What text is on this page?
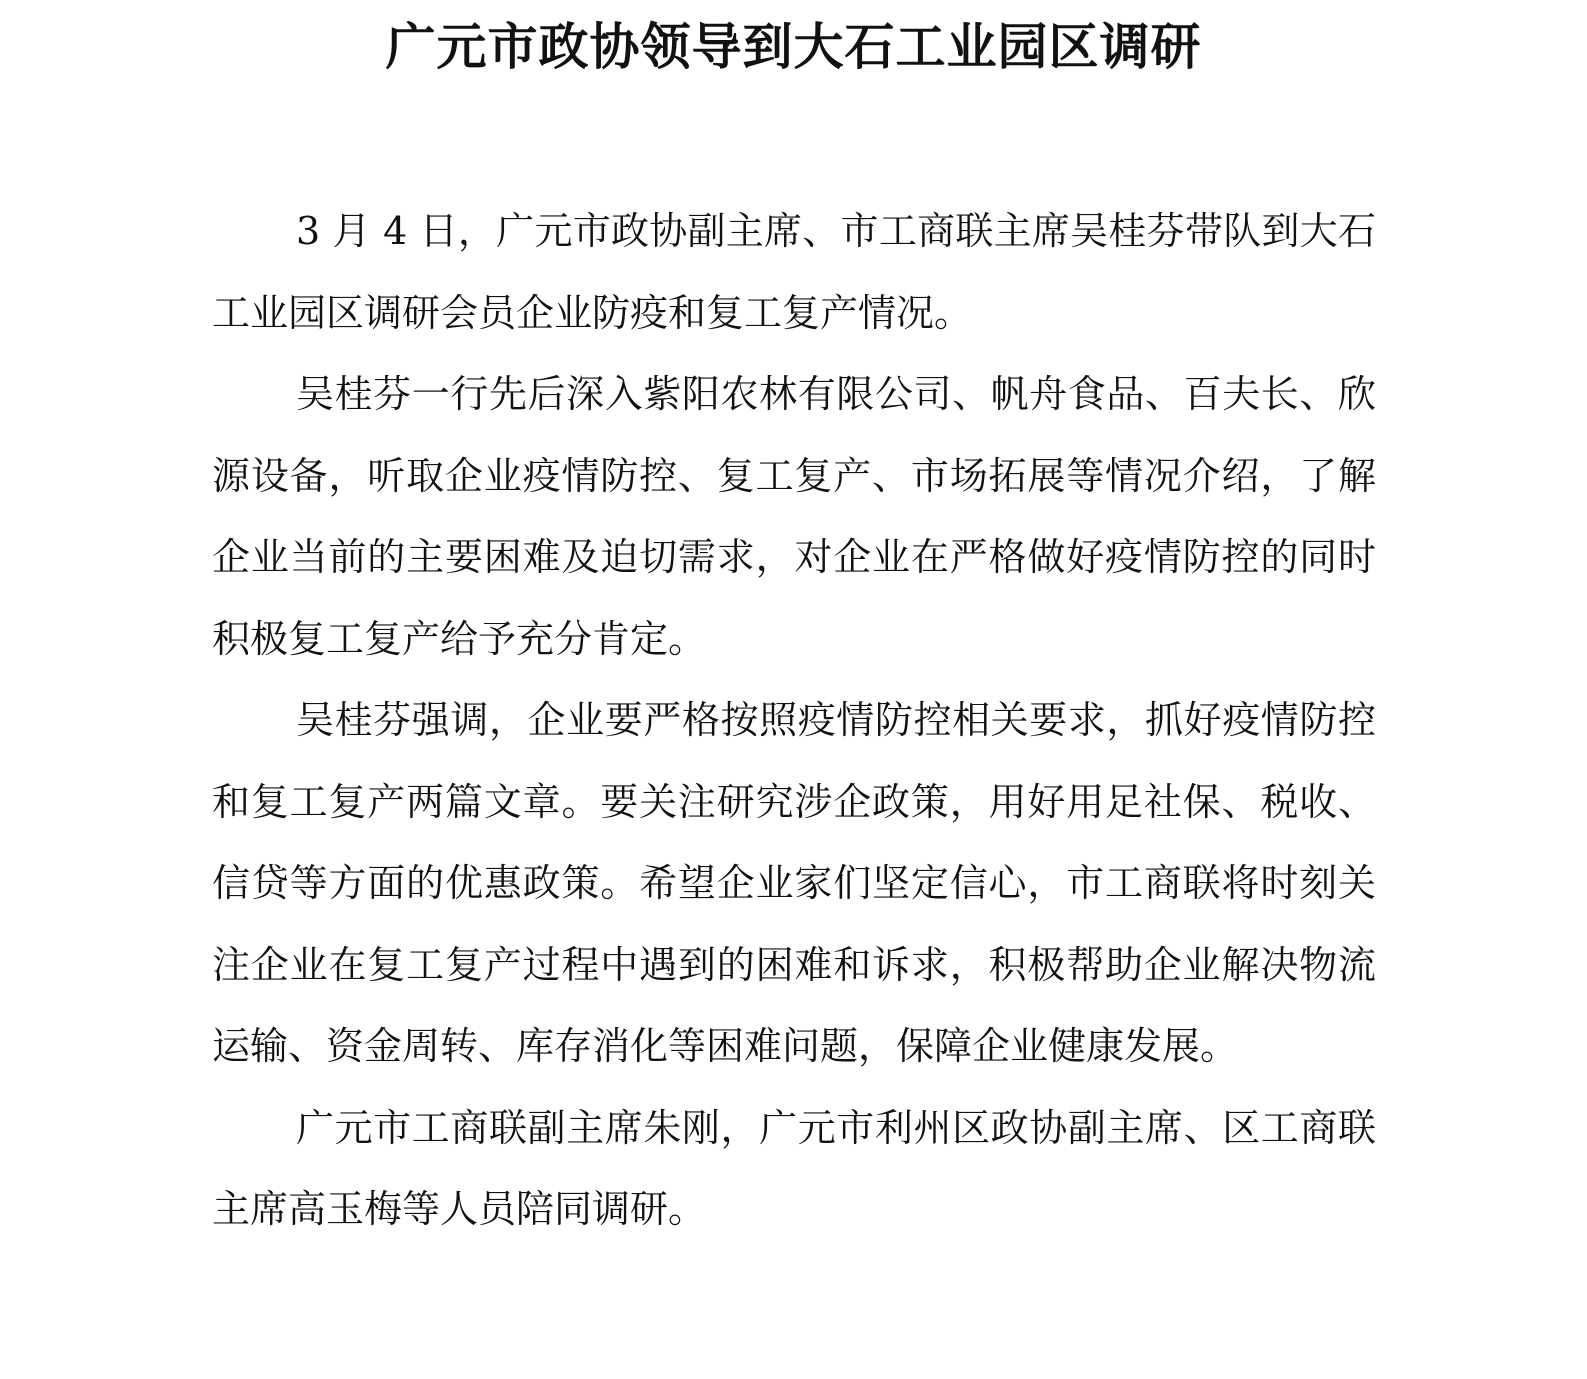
广元市政协领导到大石工业园区调研

3 月 4 日，广元市政协副主席、市工商联主席吴桂芬带队到大石工业园区调研会员企业防疫和复工复产情况。

吴桂芬一行先后深入紫阳农林有限公司、帆舟食品、百夫长、欣源设备，听取企业疫情防控、复工复产、市场拓展等情况介绍，了解企业当前的主要困难及迫切需求，对企业在严格做好疫情防控的同时积极复工复产给予充分肯定。

吴桂芬强调，企业要严格按照疫情防控相关要求，抓好疫情防控和复工复产两篇文章。要关注研究涉企政策，用好用足社保、税收、信贷等方面的优惠政策。希望企业家们坚定信心，市工商联将时刻关注企业在复工复产过程中遇到的困难和诉求，积极帮助企业解决物流运输、资金周转、库存消化等困难问题，保障企业健康发展。

广元市工商联副主席朱刚，广元市利州区政协副主席、区工商联主席高玉梅等人员陪同调研。
